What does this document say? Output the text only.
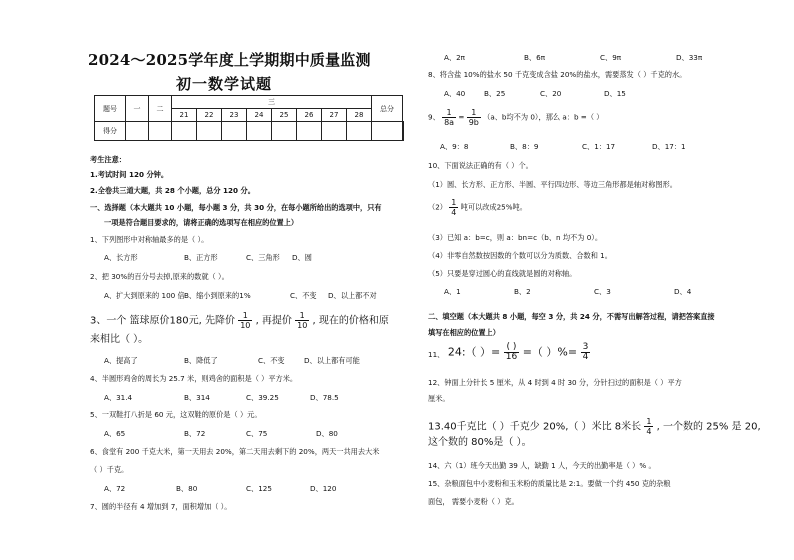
2024～2025学年度上学期期中质量监测
初一数学试题
题号	一	二	三								总分	
			21	22	23	24	25	26	27	28		
得分												
考生注意：
1.考试时间 120 分钟。
2.全卷共三道大题，共 28 个小题，总分 120 分。
一、选择题（本大题共 10 小题，每小题 3 分，共 30 分，在每小题所给出的选项中，只有
一项是符合题目要求的，请将正确的选项写在相应的位置上）
1、下列图形中对称轴最多的是（ ）。
A、长方形	B、正方形	C、三角形 D、圆
2、把 30%的百分号去掉,原来的数就（ ）。
A、扩大到原来的 100 倍 B、缩小到原来的1%	C、不变 D、以上都不对
3、一个 篮球原价180元, 先降价 $\frac{1}{10}$ , 再提价 $\frac{1}{10}$ , 现在的价格和原
来相比（ ）。
A、提高了	B、降低了	C、不变	D、以上都有可能
4、半圆形鸡舍的周长为 25.7 米，则鸡舍的面积是（ ）平方米。
A、31.4	B、314	C、39.25	D、78.5
5、一双鞋打八折是 60 元，这双鞋的原价是（ ）元。
A、65	B、72	C、75	D、80
6、食堂有 200 千克大米，第一天用去 20%，第二天用去剩下的 20%，两天一共用去大米
（ ）千克。
A、72	B、80	C、125	D、120
7、圆的半径有 4 增加到 7，面积增加（ ）。
A、2π	B、6π	C、9π	D、33π
8、将含盐 10%的盐水 50 千克变成含盐 20%的盐水，需要蒸发（ ）千克的水。
A、40	B、25	C、20	D、15
9、 $\frac{1}{8a} = \frac{1}{9b} (a$、b均不为 0），那么 a：b =（ ）
A、9：8	B、8：9	C、1：17	D、17：1
10、下面说法正确的有（ ）个。
（1）圆、长方形、正方形、半圆、平行四边形、等边三角形都是轴对称图形。
$(2) \frac{1}{4}$ 吨可以改成25%吨。
（3）已知 a：b=c，则 a：bn=c（b、n 均不为 0）。
（4）非零自然数按因数的个数可以分为质数、合数和 1。
（5）只要是穿过圆心的直线就是圆的对称轴。
A、1	B、2	C、3	D、4
二、填空题（本大题共 8 小题，每空 3 分，共 24 分，不需写出解答过程，请把答案直接
填写在相应的位置上）
11、 24:（ ）= $\frac{( )}{16}$ =（ ）%= $\frac{3}{4}$
12、钟面上分针长 5 厘米，从 4 时到 4 时 30 分，分针扫过的面积是（ ）平方
厘米。
13.40千克比（ ）千克少 20%,（ ）米比 8米长 $\frac{1}{4}$ , 一个数的 25% 是 20,
这个数的 80%是（ ）。
14、六（1）班今天出勤 39 人，缺勤 1 人，今天的出勤率是（ ）% 。
15、杂粮面包中小麦粉和玉米粉的质量比是 2:1。要做一个约 450 克的杂粮
面包， 需要小麦粉（ ）克。
